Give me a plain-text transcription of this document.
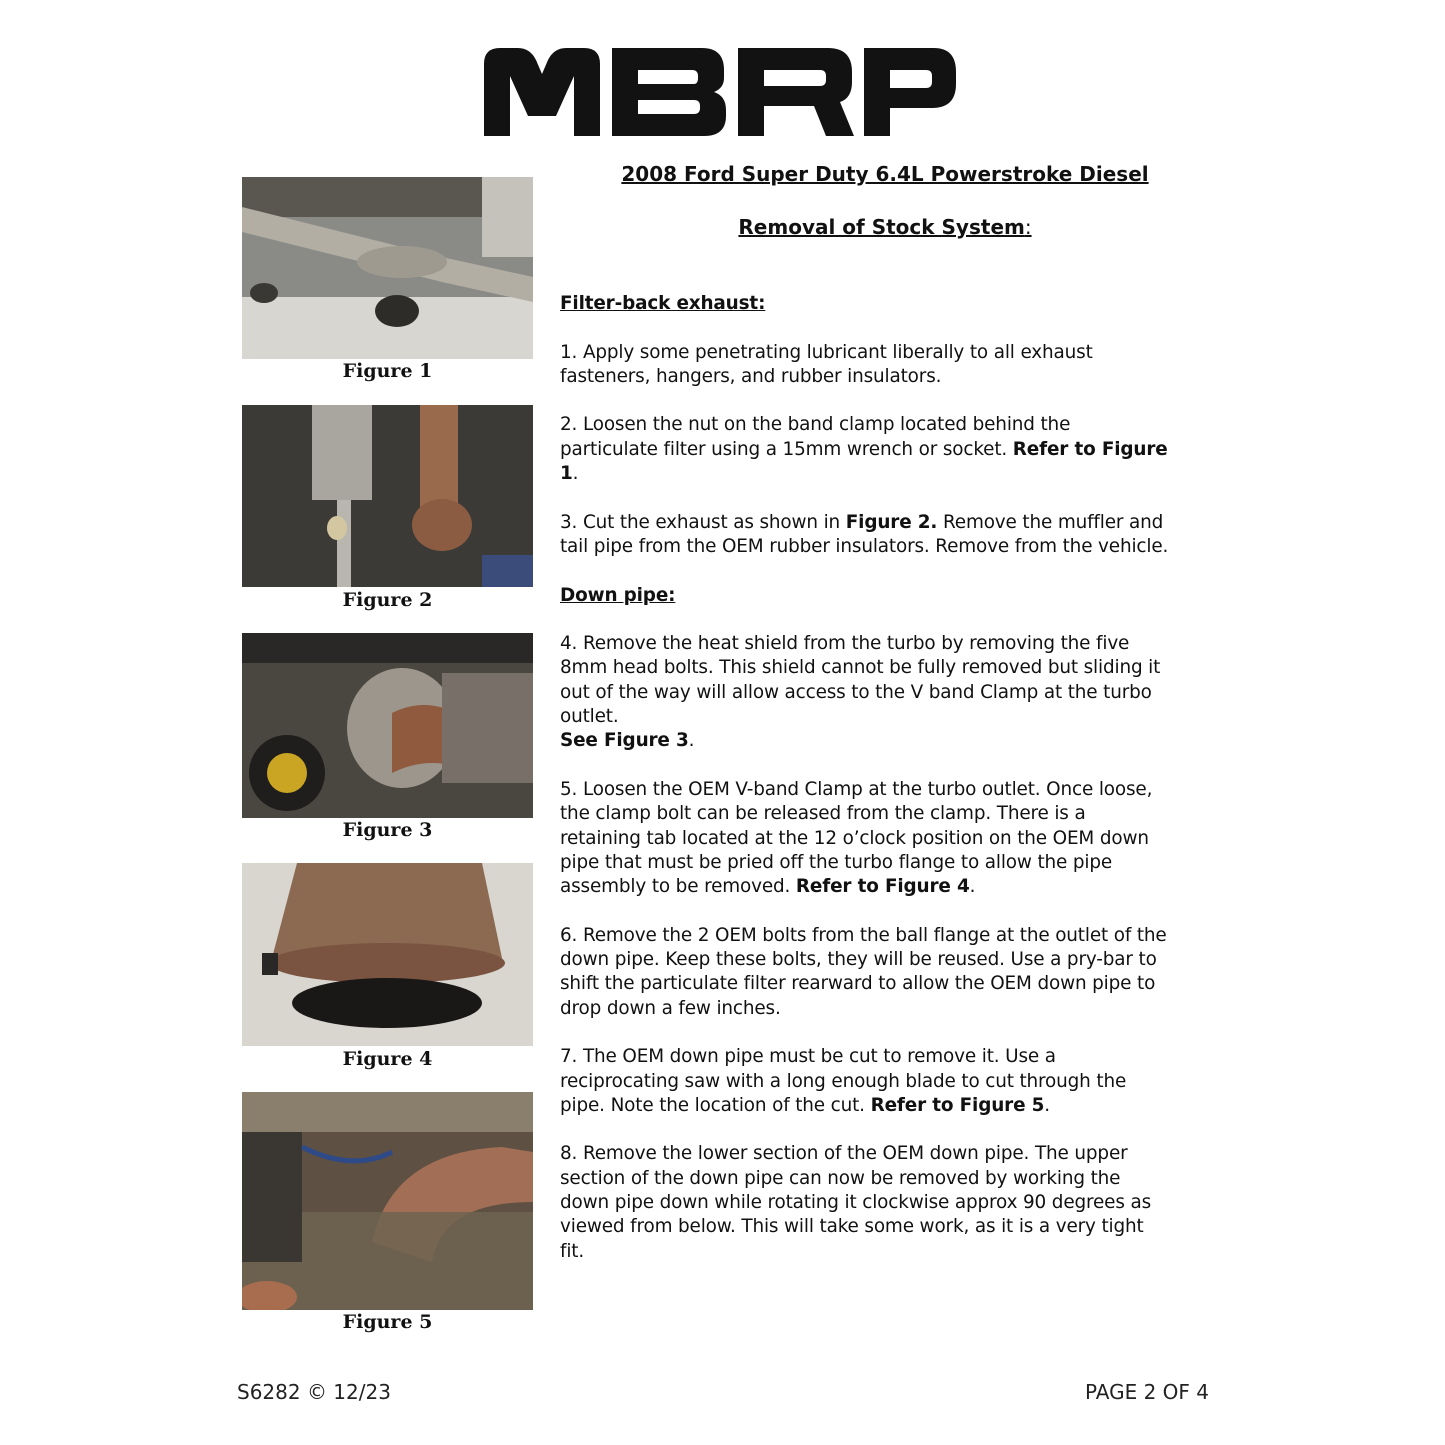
2008 Ford Super Duty 6.4L Powerstroke Diesel
Removal of Stock System:
Figure 1
Figure 2
Figure 3
Figure 4
Figure 5

Filter-back exhaust:

1. Apply some penetrating lubricant liberally to all exhaust fasteners, hangers, and rubber insulators.

2. Loosen the nut on the band clamp located behind the particulate filter using a 15mm wrench or socket. Refer to Figure 1.

3. Cut the exhaust as shown in Figure 2. Remove the muffler and tail pipe from the OEM rubber insulators. Remove from the vehicle.

Down pipe:

4. Remove the heat shield from the turbo by removing the five 8mm head bolts. This shield cannot be fully removed but sliding it out of the way will allow access to the V band Clamp at the turbo outlet.
See Figure 3.

5. Loosen the OEM V-band Clamp at the turbo outlet. Once loose, the clamp bolt can be released from the clamp. There is a retaining tab located at the 12 o’clock position on the OEM down pipe that must be pried off the turbo flange to allow the pipe assembly to be removed. Refer to Figure 4.

6. Remove the 2 OEM bolts from the ball flange at the outlet of the down pipe. Keep these bolts, they will be reused. Use a pry-bar to shift the particulate filter rearward to allow the OEM down pipe to drop down a few inches.

7. The OEM down pipe must be cut to remove it. Use a reciprocating saw with a long enough blade to cut through the pipe. Note the location of the cut. Refer to Figure 5.

8. Remove the lower section of the OEM down pipe. The upper section of the down pipe can now be removed by working the down pipe down while rotating it clockwise approx 90 degrees as viewed from below. This will take some work, as it is a very tight fit.

S6282 © 12/23	PAGE 2 OF 4
